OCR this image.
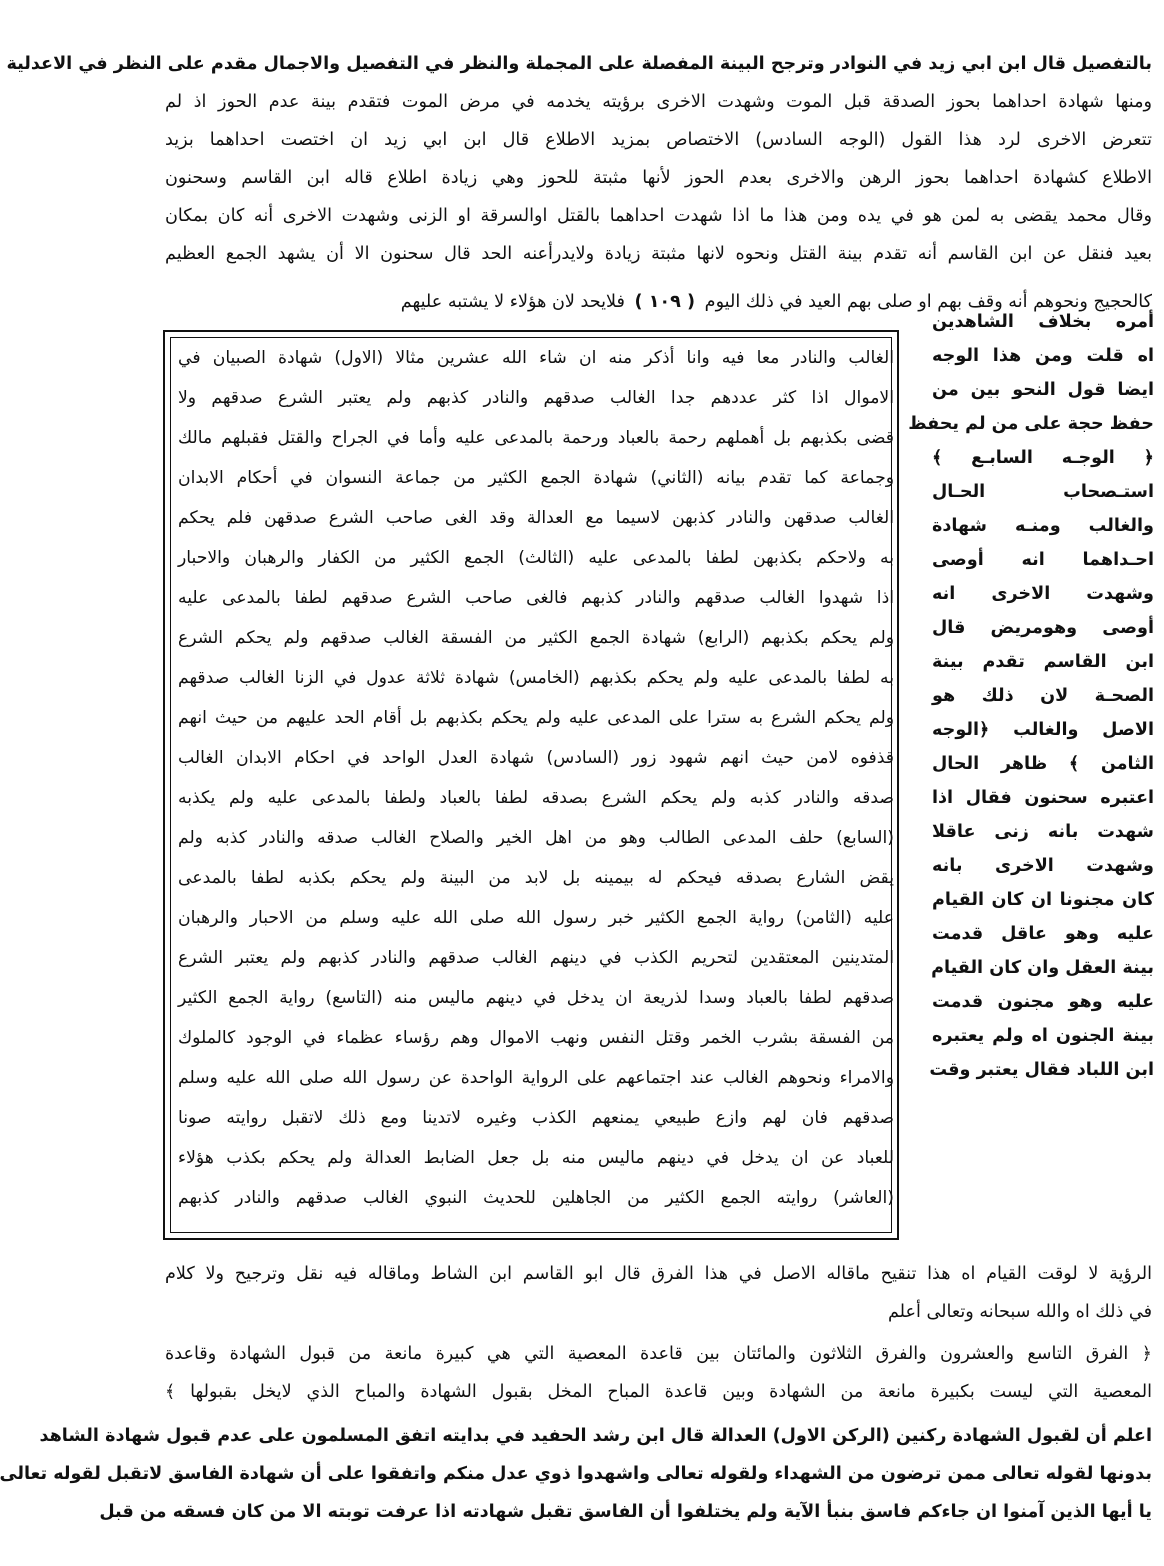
بالتفصيل قال ابن ابي زيد في النوادر وترجح البينة المفصلة على المجملة والنظر في التفصيل والاجمال مقدم على النظر في الاعدلية
ومنها شهادة احداهما بحوز الصدقة قبل الموت وشهدت الاخرى برؤيته يخدمه في مرض الموت فتقدم بينة عدم الحوز اذ لم
تتعرض الاخرى لرد هذا القول (الوجه السادس) الاختصاص بمزيد الاطلاع قال ابن ابي زيد ان اختصت احداهما بزيد
الاطلاع كشهادة احداهما بحوز الرهن والاخرى بعدم الحوز لأنها مثبتة للحوز وهي زيادة اطلاع قاله ابن القاسم وسحنون
وقال محمد يقضى به لمن هو في يده ومن هذا ما اذا شهدت احداهما بالقتل اوالسرقة او الزنى وشهدت الاخرى أنه كان بمكان
بعيد فنقل عن ابن القاسم أنه تقدم بينة القتل ونحوه لانها مثبتة زيادة ولايدرأعنه الحد قال سحنون الا أن يشهد الجمع العظيم
كالحجيج ونحوهم أنه وقف بهم او صلى بهم العيد في ذلك اليوم ( ١٠٩ ) فلايحد لان هؤلاء لا يشتبه عليهم
أمره بخلاف الشاهدين
اه قلت ومن هذا الوجه
ايضا قول النحو بين من
حفظ حجة على من لم يحفظ
﴿ الوجـه السابـع ﴾
استـصحاب الحـال
والغالب ومنـه شهادة
احـداهما انه أوصى
وشهدت الاخرى انه
أوصى وهومريض قال
ابن القاسم تقدم بينة
الصحـة لان ذلك هو
الاصل والغالب ﴿الوجه
الثامن ﴾ ظاهر الحال
اعتبره سحنون فقال اذا
شهدت بانه زنى عاقلا
وشهدت الاخرى بانه
كان مجنونا ان كان القيام
عليه وهو عاقل قدمت
بينة العقل وان كان القيام
عليه وهو مجنون قدمت
بينة الجنون اه ولم يعتبره
ابن اللباد فقال يعتبر وقت
الغالب والنادر معا فيه وانا أذكر منه ان شاء الله عشرين مثالا (الاول) شهادة الصبيان في
الاموال اذا كثر عددهم جدا الغالب صدقهم والنادر كذبهم ولم يعتبر الشرع صدقهم ولا
قضى بكذبهم بل أهملهم رحمة بالعباد ورحمة بالمدعى عليه وأما في الجراح والقتل فقبلهم مالك
وجماعة كما تقدم بيانه (الثاني) شهادة الجمع الكثير من جماعة النسوان في أحكام الابدان
الغالب صدقهن والنادر كذبهن لاسيما مع العدالة وقد الغى صاحب الشرع صدقهن فلم يحكم
به ولاحكم بكذبهن لطفا بالمدعى عليه (الثالث) الجمع الكثير من الكفار والرهبان والاحبار
اذا شهدوا الغالب صدقهم والنادر كذبهم فالغى صاحب الشرع صدقهم لطفا بالمدعى عليه
ولم يحكم بكذبهم (الرابع) شهادة الجمع الكثير من الفسقة الغالب صدقهم ولم يحكم الشرع
به لطفا بالمدعى عليه ولم يحكم بكذبهم (الخامس) شهادة ثلاثة عدول في الزنا الغالب صدقهم
ولم يحكم الشرع به سترا على المدعى عليه ولم يحكم بكذبهم بل أقام الحد عليهم من حيث انهم
قذفوه لامن حيث انهم شهود زور (السادس) شهادة العدل الواحد في احكام الابدان الغالب
صدقه والنادر كذبه ولم يحكم الشرع بصدقه لطفا بالعباد ولطفا بالمدعى عليه ولم يكذبه
(السابع) حلف المدعى الطالب وهو من اهل الخير والصلاح الغالب صدقه والنادر كذبه ولم
يقض الشارع بصدقه فيحكم له بيمينه بل لابد من البينة ولم يحكم بكذبه لطفا بالمدعى
عليه (الثامن) رواية الجمع الكثير خبر رسول الله صلى الله عليه وسلم من الاحبار والرهبان
المتدينين المعتقدين لتحريم الكذب في دينهم الغالب صدقهم والنادر كذبهم ولم يعتبر الشرع
صدقهم لطفا بالعباد وسدا لذريعة ان يدخل في دينهم ماليس منه (التاسع) رواية الجمع الكثير
من الفسقة بشرب الخمر وقتل النفس ونهب الاموال وهم رؤساء عظماء في الوجود كالملوك
والامراء ونحوهم الغالب عند اجتماعهم على الرواية الواحدة عن رسول الله صلى الله عليه وسلم
صدقهم فان لهم وازع طبيعي يمنعهم الكذب وغيره لاتدينا ومع ذلك لاتقبل روايته صونا
للعباد عن ان يدخل في دينهم ماليس منه بل جعل الضابط العدالة ولم يحكم بكذب هؤلاء
(العاشر) روايته الجمع الكثير من الجاهلين للحديث النبوي الغالب صدقهم والنادر كذبهم
الرؤية لا لوقت القيام اه هذا تنقيح ماقاله الاصل في هذا الفرق قال ابو القاسم ابن الشاط وماقاله فيه نقل وترجيح ولا كلام
في ذلك اه والله سبحانه وتعالى أعلم
﴿ الفرق التاسع والعشرون والفرق الثلاثون والمائتان بين قاعدة المعصية التي هي كبيرة مانعة من قبول الشهادة وقاعدة
المعصية التي ليست بكبيرة مانعة من الشهادة وبين قاعدة المباح المخل بقبول الشهادة والمباح الذي لايخل بقبولها ﴾
اعلم أن لقبول الشهادة ركنين (الركن الاول) العدالة قال ابن رشد الحفيد في بدايته اتفق المسلمون على عدم قبول شهادة الشاهد
بدونها لقوله تعالى ممن ترضون من الشهداء ولقوله تعالى واشهدوا ذوي عدل منكم واتفقوا على أن شهادة الفاسق لاتقبل لقوله تعالى
يا أيها الذين آمنوا ان جاءكم فاسق بنبأ الآية ولم يختلفوا أن الفاسق تقبل شهادته اذا عرفت توبته الا من كان فسقه من قبل
